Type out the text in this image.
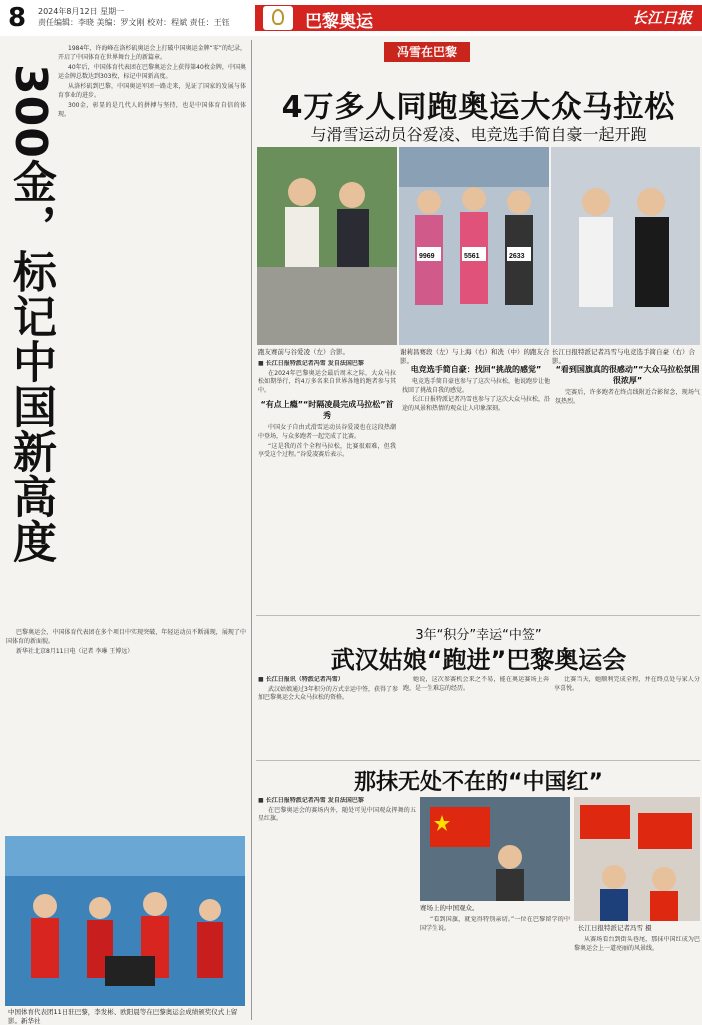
8 2024年8月12日 星期一
责任编辑：李晓 美编：罗文刚 校对：程斌 责任：王钰	巴黎奥运	长江日报
300金，标记中国新高度

1984年，许海峰在洛杉矶奥运会上打破中国奥运金牌“零”的纪录，开启了中国体育在世界舞台上的新篇章。

40年后，中国体育代表团在巴黎奥运会上获得第40枚金牌，中国奥运金牌总数达到303枚，标记中国新高度。

从洛杉矶到巴黎，中国奥运军团一路走来，见证了国家的发展与体育事业的进步。

300金，彰显的是几代人的拼搏与坚持，也是中国体育自信的体现。

巴黎奥运会，中国体育代表团在多个项目中实现突破，年轻运动员不断涌现，展现了中国体育的新面貌。

新华社北京8月11日电（记者 李琳 王博远）

中国体育代表团11日驻巴黎，李发彬、欧阳晨等在巴黎奥运会成绩颁奖仪式上留影。新华社
冯雪在巴黎
4万多人同跑奥运大众马拉松
与滑雪运动员谷爱凌、电竞选手简自豪一起开跑
9969	5561	2633
跑友赛前与谷爱凌（左）合影。	谢莉昌赛段（左）与上海（右）和冼（中）的跑友合影。
长江日报特派记者冯雪与电竞选手简自豪（右）合影。

■ 长江日报特派记者冯雪 发自法国巴黎

在2024年巴黎奥运会最后周末之际，大众马拉松如期举行，约4万多名来自世界各地的跑者参与其中。

“有点上瘾”“时隔凌晨完成马拉松”首秀

中国女子自由式滑雪运动员谷爱凌也在这段热潮中登场，与众多跑者一起完成了比赛。

“这是我的首个全程马拉松，比赛很艰难，但我享受这个过程。”谷爱凌赛后表示。

电竞选手简自豪：找回“挑战的感觉”

电竞选手简自豪也参与了这次马拉松，他说跑步让他找回了挑战自我的感觉。

长江日报特派记者冯雪也参与了这次大众马拉松，沿途的风景和热情的观众让人印象深刻。

“看到国旗真的很感动”“大众马拉松氛围很浓厚”

完赛后，许多跑者在终点线附近合影留念，现场气氛热烈。

3年“积分”幸运“中签”
武汉姑娘“跑进”巴黎奥运会

■ 长江日报讯（特派记者冯雪）

武汉姑娘通过3年积分的方式幸运中签，获得了参加巴黎奥运会大众马拉松的资格。

她说，这次参赛机会来之不易，能在奥运赛场上奔跑，是一生难忘的经历。

比赛当天，她顺利完成全程，并在终点处与家人分享喜悦。

那抹无处不在的“中国红”

■ 长江日报特派记者冯雪 发自法国巴黎

在巴黎奥运会的赛场内外，随处可见中国观众挥舞的五星红旗。

赛场上的中国观众。
长江日报特派记者冯雪 摄

“看到国旗，就觉得特别亲切。”一位在巴黎留学的中国学生说。

从赛场看台到街头巷尾，那抹中国红成为巴黎奥运会上一道亮丽的风景线。
